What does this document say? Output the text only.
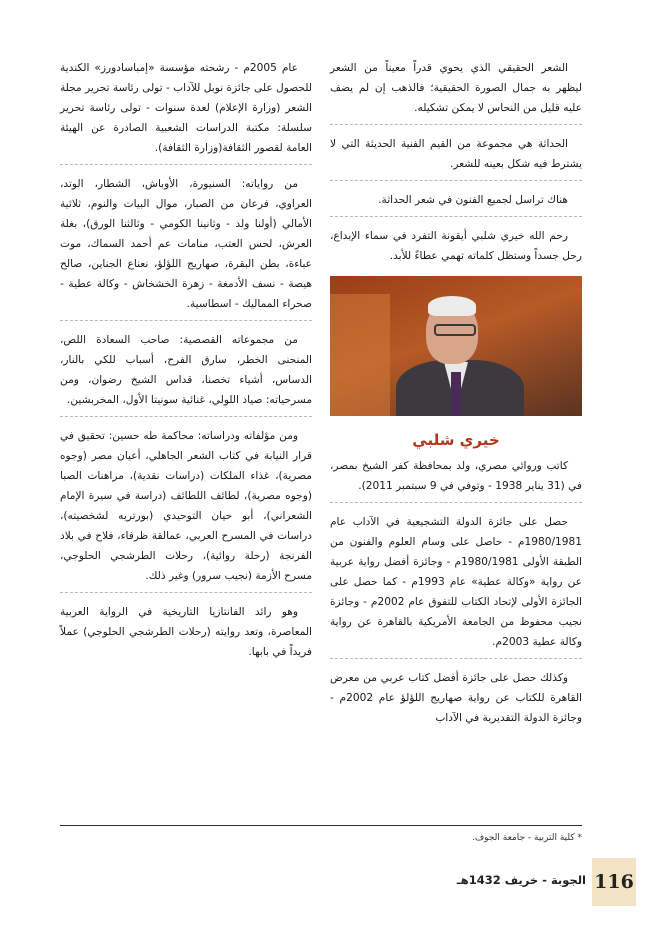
الشعر الحقيقي الذي يحوي قدراً معيناً من الشعر ليظهر به جمال الصورة الحقيقية؛ فالذهب إن لم يضف عليه قليل من النحاس لا يمكن تشكيله.

الحداثة هي مجموعة من القيم الفنية الحديثة التي لا يشترط فيه شكل بعينه للشعر.

هناك تراسل لجميع الفنون في شعر الحداثة.

رحم الله خيري شلبي أيقونة التفرد في سماء الإبداع، رحل جسداً وستظل كلماته تهمي عطاءً للأبد.

خيري شلبي

كاتب وروائي مصري، ولد بمحافظة كفر الشيخ بمصر، في (31 يناير 1938 - وتوفي في 9 سبتمبر 2011).

حصل على جائزة الدولة التشجيعية في الآداب عام 1980/1981م - حاصل على وسام العلوم والفنون من الطبقة الأولى 1980/1981م - وجائزة أفضل رواية عربية عن رواية «وكالة عطية» عام 1993م - كما حصل على الجائزة الأولى لإتحاد الكتاب للتفوق عام 2002م - وجائزة نجيب محفوظ من الجامعة الأمريكية بالقاهرة عن رواية وكالة عطية 2003م.

وكذلك حصل على جائزة أفضل كتاب عربي من معرض القاهرة للكتاب عن رواية صهاريج اللؤلؤ عام 2002م - وجائزة الدولة التقديرية في الآداب

عام 2005م - رشحته مؤسسة «إمباسادورز» الكندية للحصول على جائزة نوبل للآداب - تولى رئاسة تحرير مجلة الشعر (وزارة الإعلام) لعدة سنوات - تولى رئاسة تحرير سلسلة: مكتبة الدراسات الشعبية الصادرة عن الهيئة العامة لقصور الثقافة(وزارة الثقافة).

من رواياته: السنيورة، الأوباش، الشطار، الوتد، العراوي، فرعان من الصبار، موال البيات والنوم، ثلاثية الأمالي (أولنا ولد - وثانينا الكومي - وثالثنا الورق)، بغلة العرش، لحس العتب، منامات عم أحمد السماك، موت عباءة، بطن البقرة، صهاريج اللؤلؤ، نعناع الجناين، صالح هيصة - نسف الأدمغة - زهرة الخشخاش - وكالة عطية - صحراء المماليك - اسطاسية.

من مجموعاته القصصية: صاحب السعادة اللص، المنحنى الخطر، سارق الفرح، أسباب للكي بالنار، الدساس، أشياء تخصنا، قداس الشيخ رضوان، ومن مسرحياته: صياد اللولي، غنائية سونيتا الأول، المخربشين.

ومن مؤلفاته ودراساته: محاكمة طه حسين: تحقيق في قرار النيابة في كتاب الشعر الجاهلي، أعيان مصر (وجوه مصرية)، غذاء الملكات (دراسات نقدية)، مراهنات الصبا (وجوه مصرية)، لطائف اللطائف (دراسة في سيرة الإمام الشعراني)، أبو حيان التوحيدي (بورتريه لشخصيته)، دراسات في المسرح العربي، عمالقة ظرفاء، فلاح في بلاد الفرنجة (رحلة روائية)، رحلات الطرشجي الحلوجي، مسرح الأزمة (نجيب سرور) وغير ذلك.

وهو رائد الفانتازيا التاريخية في الرواية العربية المعاصرة، وتعد روايته (رحلات الطرشجي الحلوجي) عملاً فريداً في بابها.

* كلية التربية - جامعة الجوف.
الجوبة - خريف 1432هـ 116
